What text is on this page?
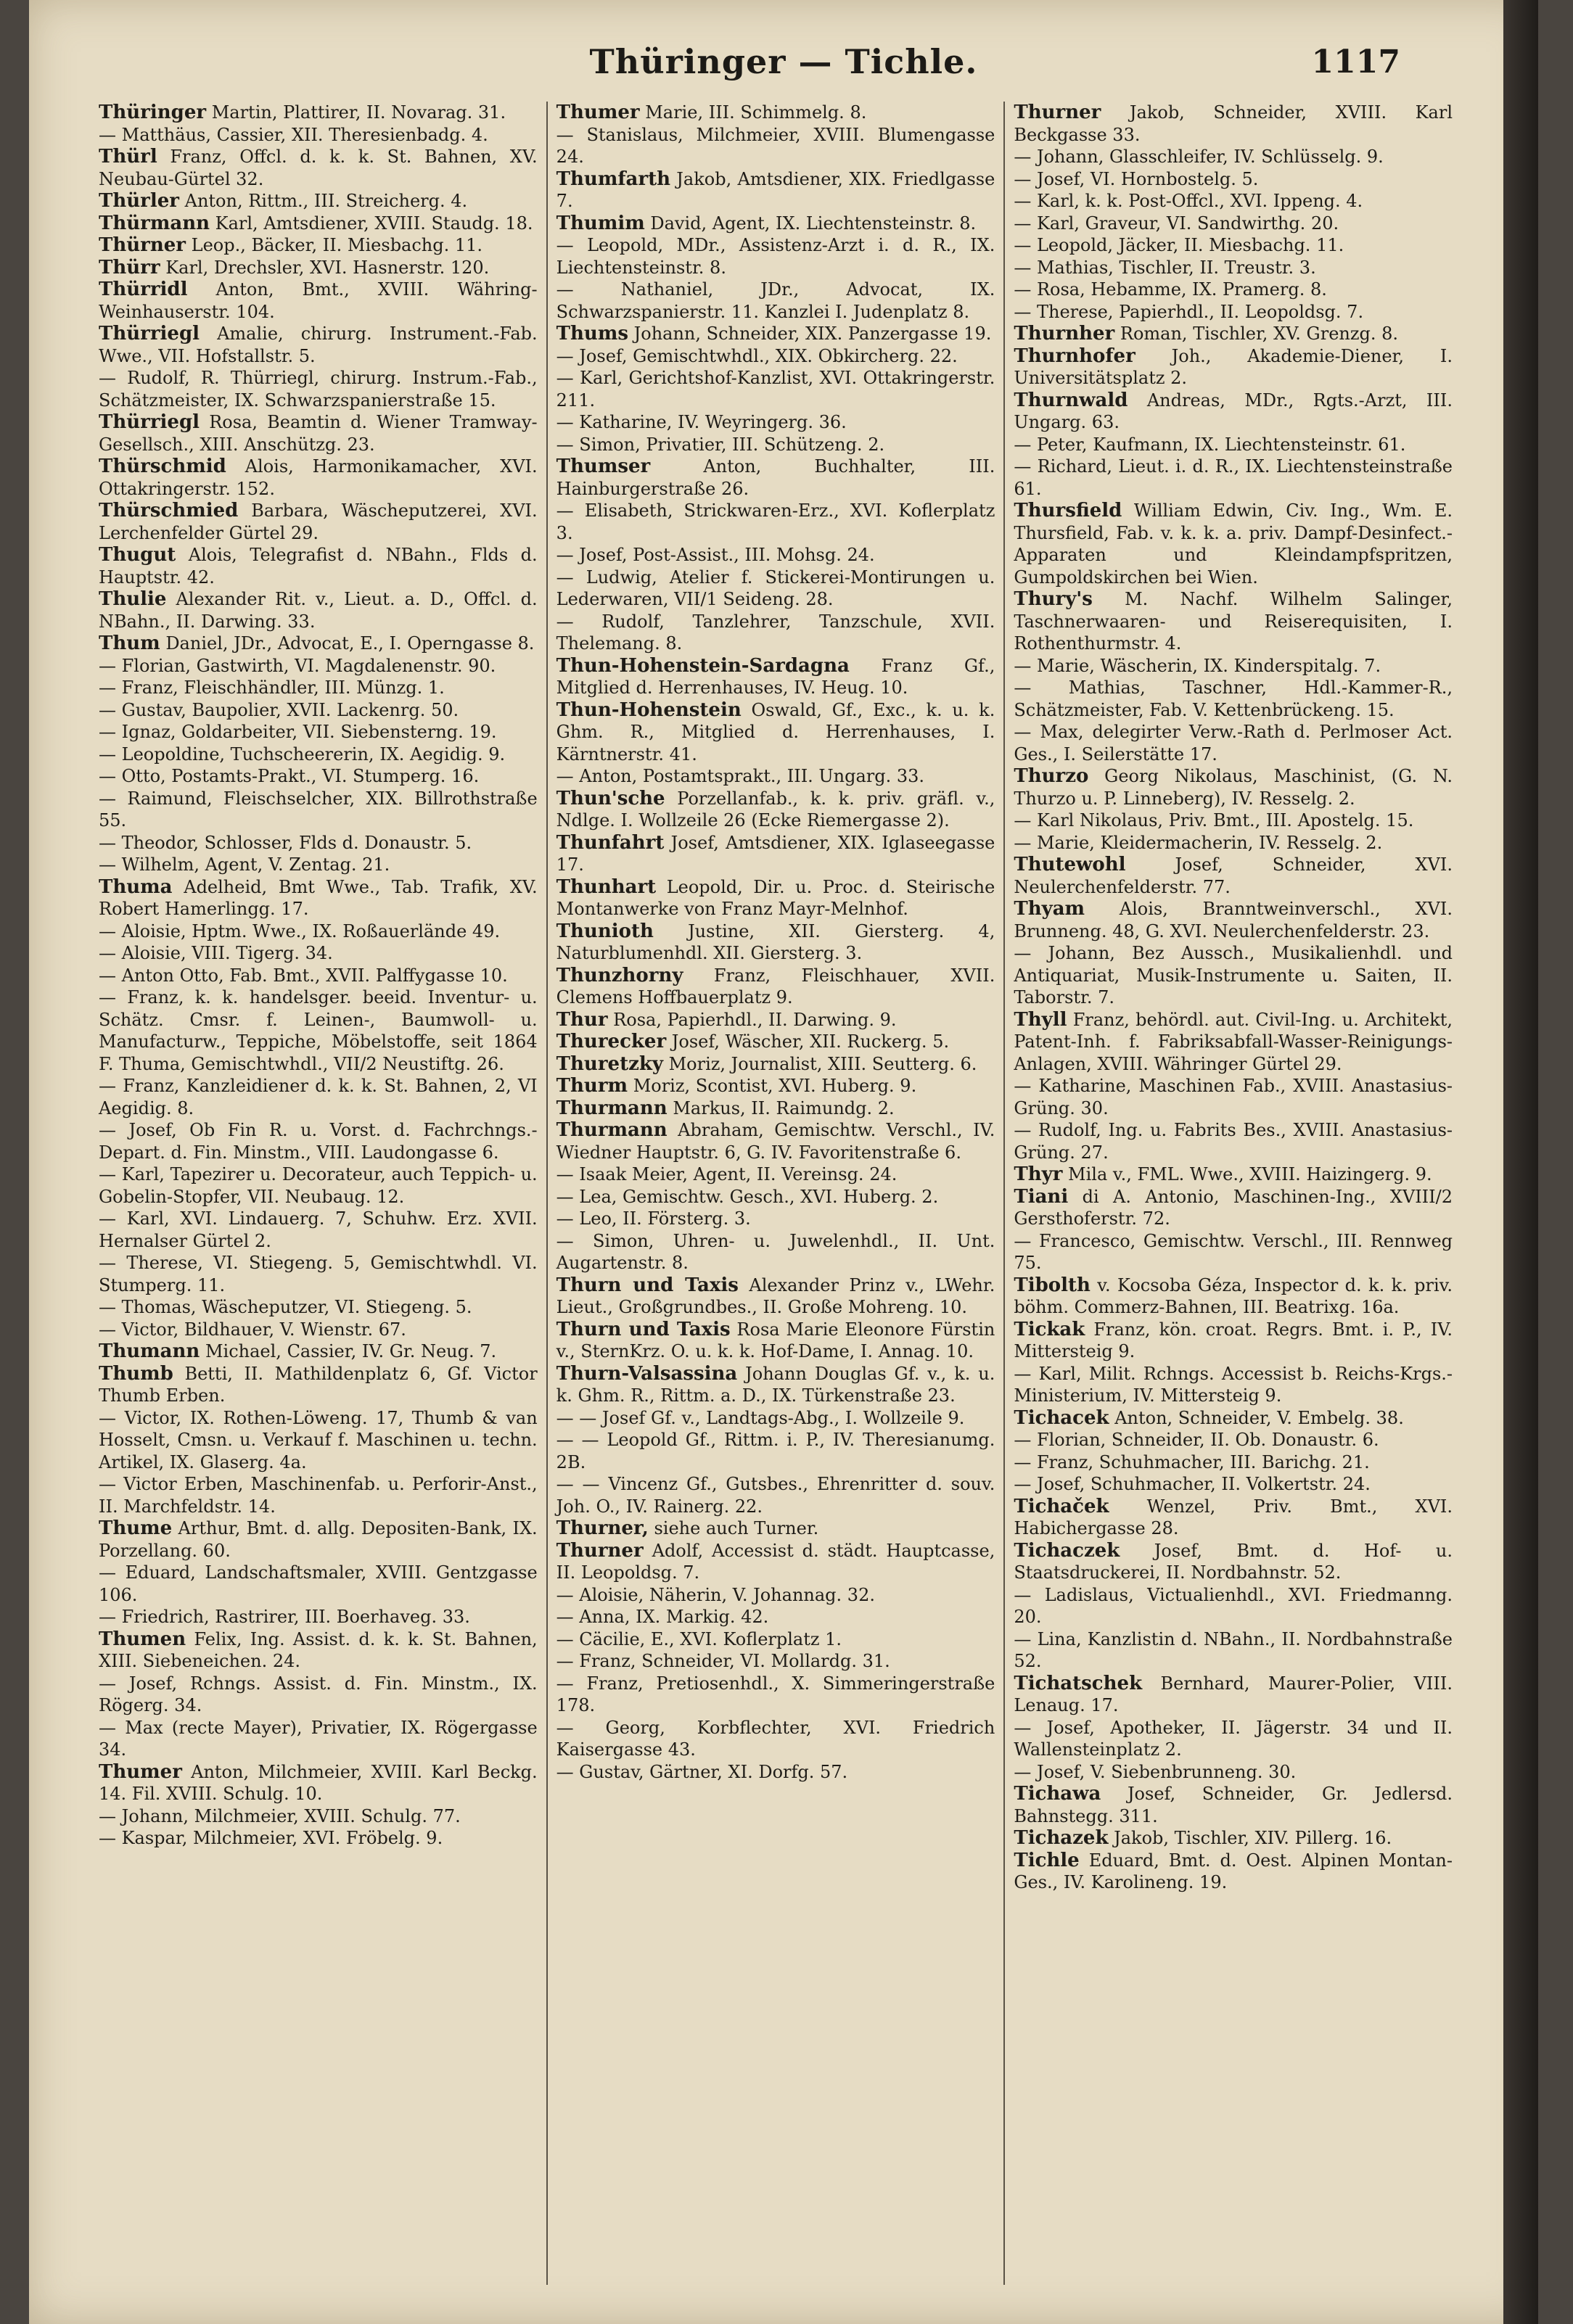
Thüringer — Tichle.	1117

Thüringer Martin, Plattirer, II. Novarag. 31.

— Matthäus, Cassier, XII. Theresienbadg. 4.

Thürl Franz, Offcl. d. k. k. St. Bahnen, XV. Neubau-Gürtel 32.

Thürler Anton, Rittm., III. Streicherg. 4.

Thürmann Karl, Amtsdiener, XVIII. Staudg. 18.

Thürner Leop., Bäcker, II. Miesbachg. 11.

Thürr Karl, Drechsler, XVI. Hasnerstr. 120.

Thürridl Anton, Bmt., XVIII. Währing-Weinhauserstr. 104.

Thürriegl Amalie, chirurg. Instrument.-Fab. Wwe., VII. Hofstallstr. 5.

— Rudolf, R. Thürriegl, chirurg. Instrum.-Fab., Schätzmeister, IX. Schwarzspanierstraße 15.

Thürriegl Rosa, Beamtin d. Wiener Tramway-Gesellsch., XIII. Anschützg. 23.

Thürschmid Alois, Harmonikamacher, XVI. Ottakringerstr. 152.

Thürschmied Barbara, Wäscheputzerei, XVI. Lerchenfelder Gürtel 29.

Thugut Alois, Telegrafist d. NBahn., Flds d. Hauptstr. 42.

Thulie Alexander Rit. v., Lieut. a. D., Offcl. d. NBahn., II. Darwing. 33.

Thum Daniel, JDr., Advocat, E., I. Operngasse 8.

— Florian, Gastwirth, VI. Magdalenenstr. 90.

— Franz, Fleischhändler, III. Münzg. 1.

— Gustav, Baupolier, XVII. Lackenrg. 50.

— Ignaz, Goldarbeiter, VII. Siebensterng. 19.

— Leopoldine, Tuchscheererin, IX. Aegidig. 9.

— Otto, Postamts-Prakt., VI. Stumperg. 16.

— Raimund, Fleischselcher, XIX. Billrothstraße 55.

— Theodor, Schlosser, Flds d. Donaustr. 5.

— Wilhelm, Agent, V. Zentag. 21.

Thuma Adelheid, Bmt Wwe., Tab. Trafik, XV. Robert Hamerlingg. 17.

— Aloisie, Hptm. Wwe., IX. Roßauerlände 49.

— Aloisie, VIII. Tigerg. 34.

— Anton Otto, Fab. Bmt., XVII. Palffygasse 10.

— Franz, k. k. handelsger. beeid. Inventur- u. Schätz. Cmsr. f. Leinen-, Baumwoll- u. Manufacturw., Teppiche, Möbelstoffe, seit 1864 F. Thuma, Gemischtwhdl., VII/2 Neustiftg. 26.

— Franz, Kanzleidiener d. k. k. St. Bahnen, 2, VI Aegidig. 8.

— Josef, Ob Fin R. u. Vorst. d. Fachrchngs.-Depart. d. Fin. Minstm., VIII. Laudongasse 6.

— Karl, Tapezirer u. Decorateur, auch Teppich- u. Gobelin-Stopfer, VII. Neubaug. 12.

— Karl, XVI. Lindauerg. 7, Schuhw. Erz. XVII. Hernalser Gürtel 2.

— Therese, VI. Stiegeng. 5, Gemischtwhdl. VI. Stumperg. 11.

— Thomas, Wäscheputzer, VI. Stiegeng. 5.

— Victor, Bildhauer, V. Wienstr. 67.

Thumann Michael, Cassier, IV. Gr. Neug. 7.

Thumb Betti, II. Mathildenplatz 6, Gf. Victor Thumb Erben.

— Victor, IX. Rothen-Löweng. 17, Thumb & van Hosselt, Cmsn. u. Verkauf f. Maschinen u. techn. Artikel, IX. Glaserg. 4a.

— Victor Erben, Maschinenfab. u. Perforir-Anst., II. Marchfeldstr. 14.

Thume Arthur, Bmt. d. allg. Depositen-Bank, IX. Porzellang. 60.

— Eduard, Landschaftsmaler, XVIII. Gentzgasse 106.

— Friedrich, Rastrirer, III. Boerhaveg. 33.

Thumen Felix, Ing. Assist. d. k. k. St. Bahnen, XIII. Siebeneichen. 24.

— Josef, Rchngs. Assist. d. Fin. Minstm., IX. Rögerg. 34.

— Max (recte Mayer), Privatier, IX. Rögergasse 34.

Thumer Anton, Milchmeier, XVIII. Karl Beckg. 14. Fil. XVIII. Schulg. 10.

— Johann, Milchmeier, XVIII. Schulg. 77.

— Kaspar, Milchmeier, XVI. Fröbelg. 9.

Thumer Marie, III. Schimmelg. 8.

— Stanislaus, Milchmeier, XVIII. Blumengasse 24.

Thumfarth Jakob, Amtsdiener, XIX. Friedlgasse 7.

Thumim David, Agent, IX. Liechtensteinstr. 8.

— Leopold, MDr., Assistenz-Arzt i. d. R., IX. Liechtensteinstr. 8.

— Nathaniel, JDr., Advocat, IX. Schwarzspanierstr. 11. Kanzlei I. Judenplatz 8.

Thums Johann, Schneider, XIX. Panzergasse 19.

— Josef, Gemischtwhdl., XIX. Obkircherg. 22.

— Karl, Gerichtshof-Kanzlist, XVI. Ottakringerstr. 211.

— Katharine, IV. Weyringerg. 36.

— Simon, Privatier, III. Schützeng. 2.

Thumser	Anton, Buchhalter, III. Hainburgerstraße 26.

— Elisabeth, Strickwaren-Erz., XVI. Koflerplatz 3.

— Josef, Post-Assist., III. Mohsg. 24.

— Ludwig, Atelier f. Stickerei-Montirungen u. Lederwaren, VII/1 Seideng. 28.

— Rudolf, Tanzlehrer, Tanzschule, XVII. Thelemang. 8.

Thun-Hohenstein-Sardagna Franz Gf., Mitglied d. Herrenhauses, IV. Heug. 10.

Thun-Hohenstein Oswald, Gf., Exc., k. u. k. Ghm. R., Mitglied d. Herrenhauses, I. Kärntnerstr. 41.

— Anton, Postamtsprakt., III. Ungarg. 33.

Thun'sche Porzellanfab., k. k. priv. gräfl. v., Ndlge. I. Wollzeile 26 (Ecke Riemergasse 2).

Thunfahrt Josef, Amtsdiener, XIX. Iglaseegasse 17.

Thunhart Leopold, Dir. u. Proc. d. Steirische Montanwerke von Franz Mayr-Melnhof.

Thunioth Justine, XII. Giersterg. 4, Naturblumenhdl. XII. Giersterg. 3.

Thunzhorny Franz, Fleischhauer, XVII. Clemens Hoffbauerplatz 9.

Thur Rosa, Papierhdl., II. Darwing. 9.

Thurecker Josef, Wäscher, XII. Ruckerg. 5.

Thuretzky Moriz, Journalist, XIII. Seutterg. 6.

Thurm Moriz, Scontist, XVI. Huberg. 9.

Thurmann Markus, II. Raimundg. 2.

Thurmann Abraham, Gemischtw. Verschl., IV. Wiedner Hauptstr. 6, G. IV. Favoritenstraße 6.

— Isaak Meier, Agent, II. Vereinsg. 24.

— Lea, Gemischtw. Gesch., XVI. Huberg. 2.

— Leo, II. Försterg. 3.

— Simon, Uhren- u. Juwelenhdl., II. Unt. Augartenstr. 8.

Thurn und Taxis Alexander Prinz v., LWehr. Lieut., Großgrundbes., II. Große Mohreng. 10.

Thurn und Taxis Rosa Marie Eleonore Fürstin v., SternKrz. O. u. k. k. Hof-Dame, I. Annag. 10.

Thurn-Valsassina Johann Douglas Gf. v., k. u. k. Ghm. R., Rittm. a. D., IX. Türkenstraße 23.

— — Josef Gf. v., Landtags-Abg., I. Wollzeile 9.

— — Leopold Gf., Rittm. i. P., IV. Theresianumg. 2B.

— — Vincenz Gf., Gutsbes., Ehrenritter d. souv. Joh. O., IV. Rainerg. 22.

Thurner, siehe auch Turner.

Thurner Adolf, Accessist d. städt. Hauptcasse, II. Leopoldsg. 7.

— Aloisie, Näherin, V. Johannag. 32.

— Anna, IX. Markig. 42.

— Cäcilie, E., XVI. Koflerplatz 1.

— Franz, Schneider, VI. Mollardg. 31.

— Franz, Pretiosenhdl., X. Simmeringerstraße 178.

— Georg, Korbflechter, XVI. Friedrich Kaisergasse 43.

— Gustav, Gärtner, XI. Dorfg. 57.

Thurner Jakob, Schneider, XVIII. Karl Beckgasse 33.

— Johann, Glasschleifer, IV. Schlüsselg. 9.

— Josef, VI. Hornbostelg. 5.

— Karl, k. k. Post-Offcl., XVI. Ippeng. 4.

— Karl, Graveur, VI. Sandwirthg. 20.

— Leopold, Jäcker, II. Miesbachg. 11.

— Mathias, Tischler, II. Treustr. 3.

— Rosa, Hebamme, IX. Pramerg. 8.

— Therese, Papierhdl., II. Leopoldsg. 7.

Thurnher Roman, Tischler, XV. Grenzg. 8.

Thurnhofer Joh., Akademie-Diener, I. Universitätsplatz 2.

Thurnwald Andreas, MDr., Rgts.-Arzt, III. Ungarg. 63.

— Peter, Kaufmann, IX. Liechtensteinstr. 61.

— Richard, Lieut. i. d. R., IX. Liechtensteinstraße 61.

Thursfield William Edwin, Civ. Ing., Wm. E. Thursfield, Fab. v. k. k. a. priv. Dampf-Desinfect.-Apparaten und Kleindampfspritzen, Gumpoldskirchen bei Wien.

Thury's M. Nachf. Wilhelm Salinger, Taschnerwaaren- und Reiserequisiten, I. Rothenthurmstr. 4.

— Marie, Wäscherin, IX. Kinderspitalg. 7.

— Mathias, Taschner, Hdl.-Kammer-R., Schätzmeister, Fab. V. Kettenbrückeng. 15.

— Max, delegirter Verw.-Rath d. Perlmoser Act. Ges., I. Seilerstätte 17.

Thurzo Georg Nikolaus, Maschinist, (G. N. Thurzo u. P. Linneberg), IV. Resselg. 2.

— Karl Nikolaus, Priv. Bmt., III. Apostelg. 15.

— Marie, Kleidermacherin, IV. Resselg. 2.

Thutewohl	Josef, Schneider, XVI. Neulerchenfelderstr. 77.

Thyam Alois, Branntweinverschl., XVI. Brunneng. 48, G. XVI. Neulerchenfelderstr. 23.

— Johann, Bez Aussch., Musikalienhdl. und Antiquariat, Musik-Instrumente u. Saiten, II. Taborstr. 7.

Thyll Franz, behördl. aut. Civil-Ing. u. Architekt, Patent-Inh. f. Fabriksabfall-Wasser-Reinigungs-Anlagen, XVIII. Währinger Gürtel 29.

— Katharine, Maschinen Fab., XVIII. Anastasius-Grüng. 30.

— Rudolf, Ing. u. Fabrits Bes., XVIII. Anastasius-Grüng. 27.

Thyr Mila v., FML. Wwe., XVIII. Haizingerg. 9.

Tiani di A. Antonio, Maschinen-Ing., XVIII/2 Gersthoferstr. 72.

— Francesco, Gemischtw. Verschl., III. Rennweg 75.

Tibolth v. Kocsoba Géza, Inspector d. k. k. priv. böhm. Commerz-Bahnen, III. Beatrixg. 16a.

Tickak Franz, kön. croat. Regrs. Bmt. i. P., IV. Mittersteig 9.

— Karl, Milit. Rchngs. Accessist b. Reichs-Krgs.-Ministerium, IV. Mittersteig 9.

Tichacek Anton, Schneider, V. Embelg. 38.

— Florian, Schneider, II. Ob. Donaustr. 6.

— Franz, Schuhmacher, III. Barichg. 21.

— Josef, Schuhmacher, II. Volkertstr. 24.

Tichaček Wenzel, Priv. Bmt., XVI. Habichergasse 28.

Tichaczek Josef, Bmt. d. Hof- u. Staatsdruckerei, II. Nordbahnstr. 52.

— Ladislaus, Victualienhdl., XVI. Friedmanng. 20.

— Lina, Kanzlistin d. NBahn., II. Nordbahnstraße 52.

Tichatschek Bernhard, Maurer-Polier, VIII. Lenaug. 17.

— Josef, Apotheker, II. Jägerstr. 34 und II. Wallensteinplatz 2.

— Josef, V. Siebenbrunneng. 30.

Tichawa Josef, Schneider, Gr. Jedlersd. Bahnstegg. 311.

Tichazek Jakob, Tischler, XIV. Pillerg. 16.

Tichle Eduard, Bmt. d. Oest. Alpinen Montan-Ges., IV. Karolineng. 19.
